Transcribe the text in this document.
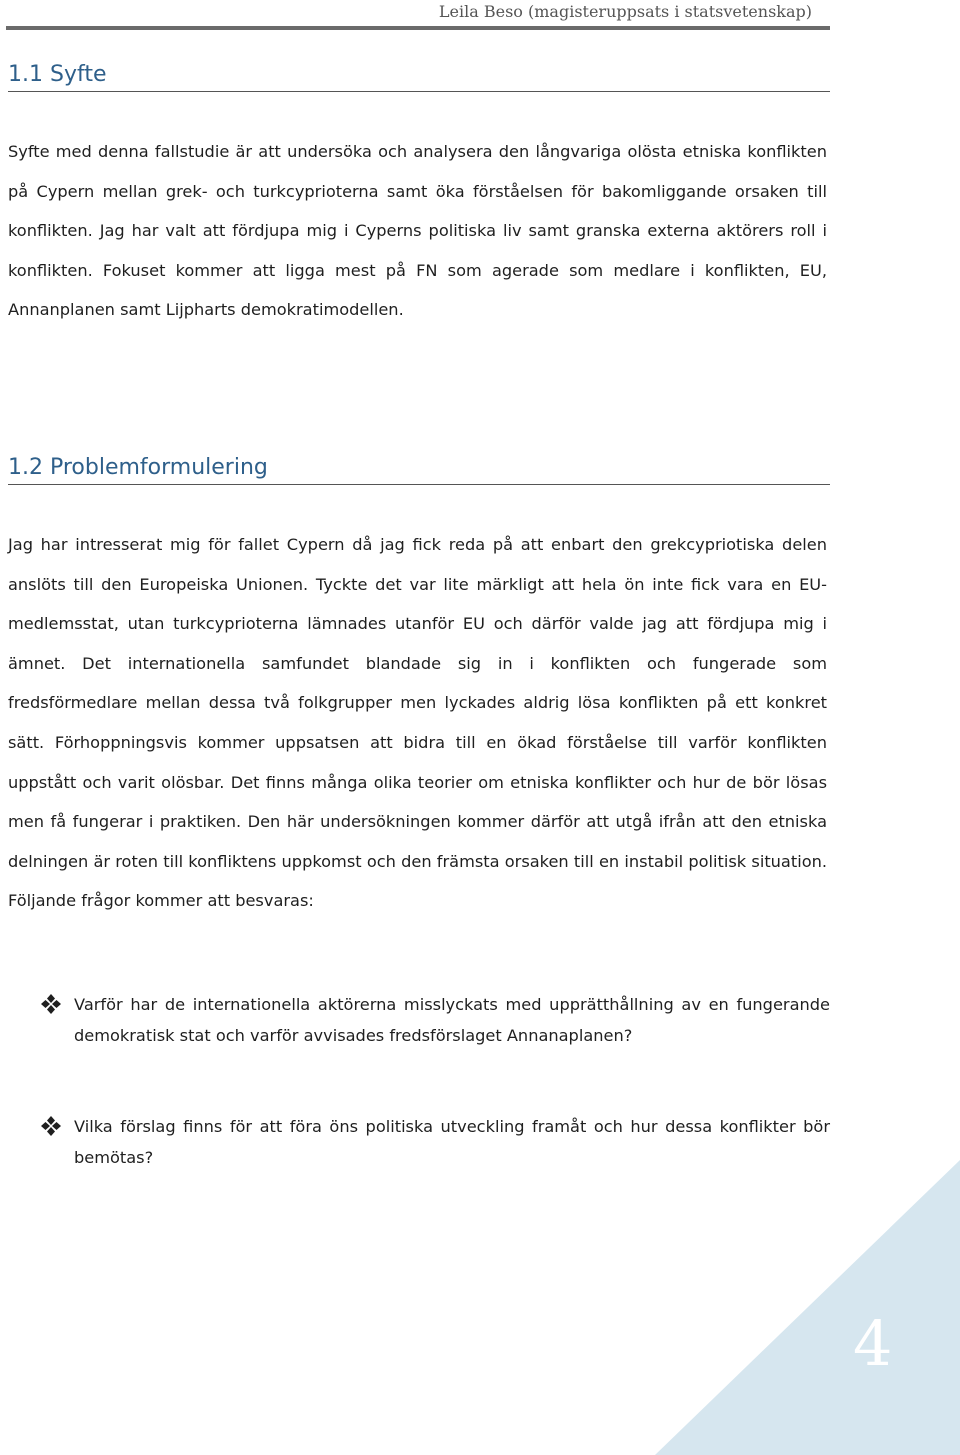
Leila Beso (magisteruppsats i statsvetenskap)
1.1 Syfte

Syfte med denna fallstudie är att undersöka och analysera den långvariga olösta etniska konflikten på Cypern mellan grek- och turkcyprioterna samt öka förståelsen för bakomliggande orsaken till konflikten. Jag har valt att fördjupa mig i Cyperns politiska liv samt granska externa aktörers roll i konflikten. Fokuset kommer att ligga mest på FN som agerade som medlare i konflikten, EU, Annanplanen samt Lijpharts demokratimodellen.

1.2 Problemformulering

Jag har intresserat mig för fallet Cypern då jag fick reda på att enbart den grekcypriotiska delen anslöts till den Europeiska Unionen. Tyckte det var lite märkligt att hela ön inte fick vara en EU-medlemsstat, utan turkcyprioterna lämnades utanför EU och därför valde jag att fördjupa mig i ämnet. Det internationella samfundet blandade sig in i konflikten och fungerade som fredsförmedlare mellan dessa två folkgrupper men lyckades aldrig lösa konflikten på ett konkret sätt. Förhoppningsvis kommer uppsatsen att bidra till en ökad förståelse till varför konflikten uppstått och varit olösbar. Det finns många olika teorier om etniska konflikter och hur de bör lösas men få fungerar i praktiken. Den här undersökningen kommer därför att utgå ifrån att den etniska delningen är roten till konfliktens uppkomst och den främsta orsaken till en instabil politisk situation. Följande frågor kommer att besvaras:

Varför har de internationella aktörerna misslyckats med upprätthållning av en fungerande demokratisk stat och varför avvisades fredsförslaget Annanaplanen?

Vilka förslag finns för att föra öns politiska utveckling framåt och hur dessa konflikter bör bemötas?

4
